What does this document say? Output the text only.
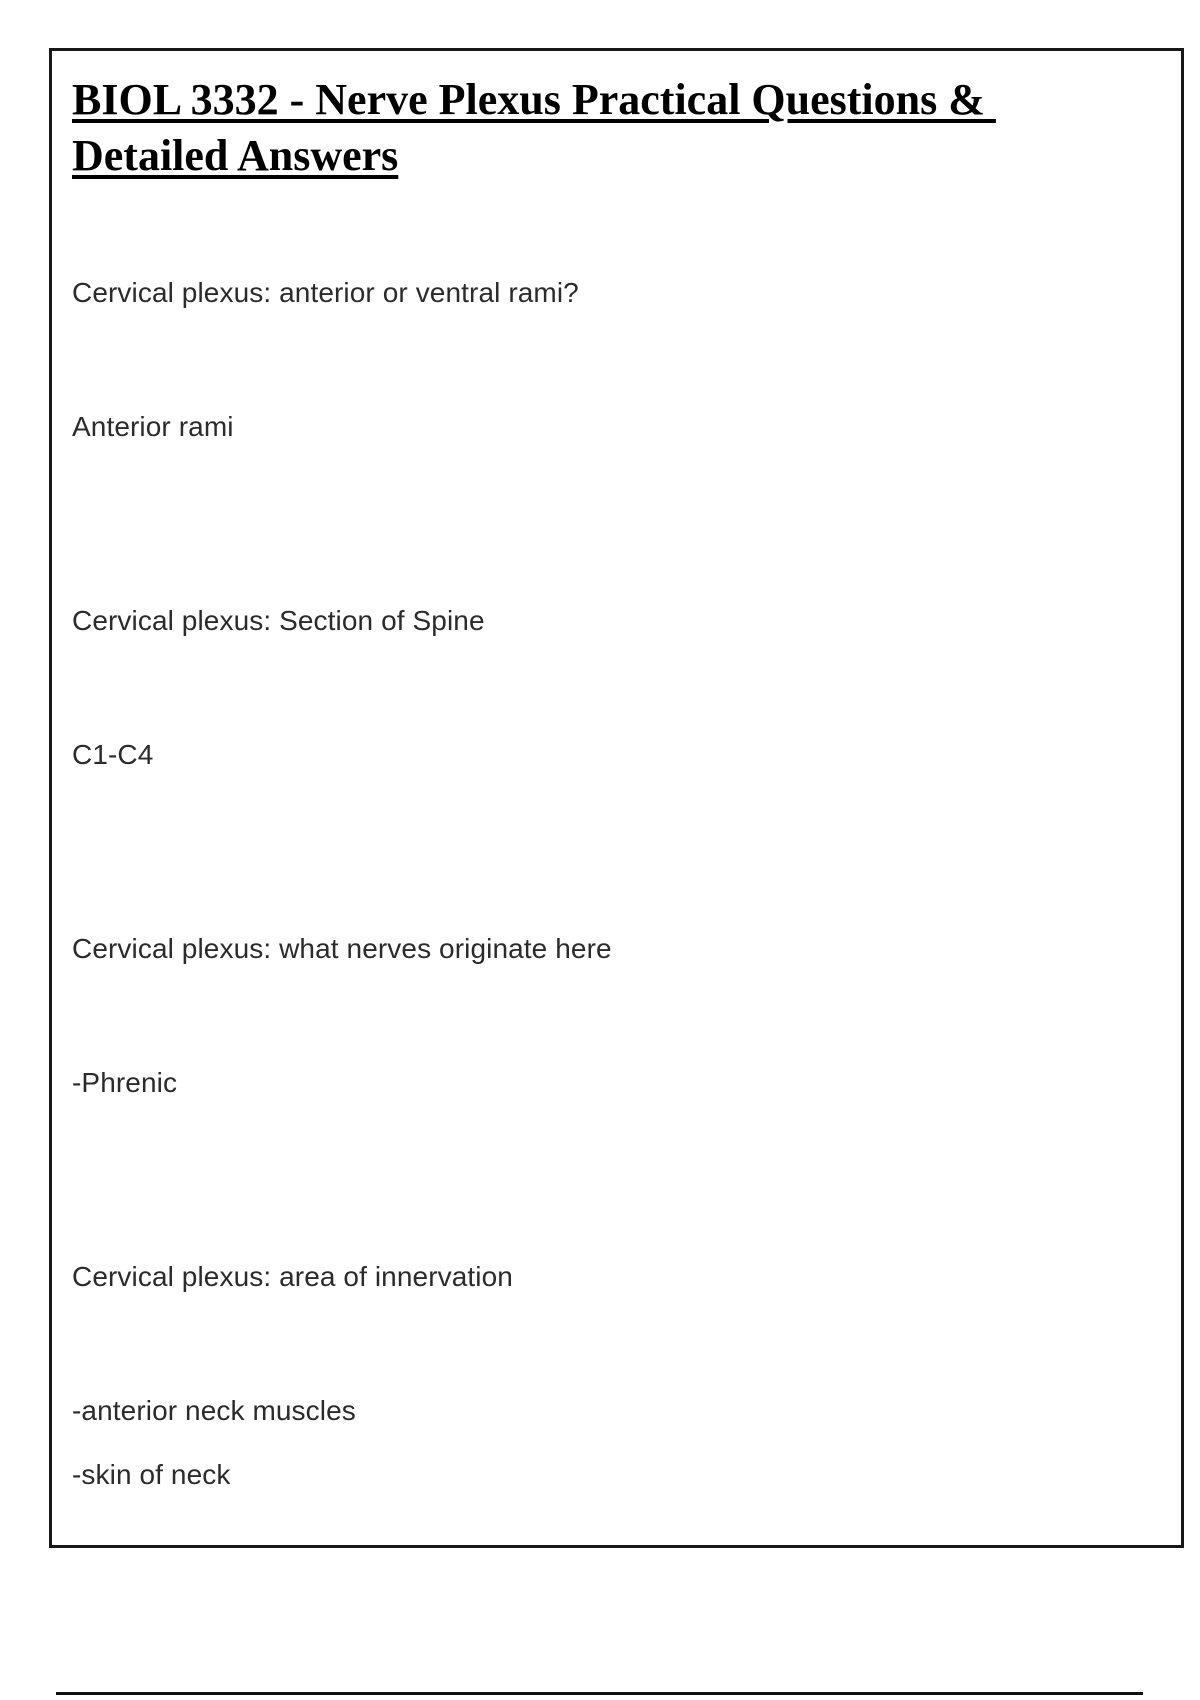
BIOL 3332 - Nerve Plexus Practical Questions &
Detailed Answers

Cervical plexus: anterior or ventral rami?

Anterior rami

Cervical plexus: Section of Spine

C1-C4

Cervical plexus: what nerves originate here

-Phrenic

Cervical plexus: area of innervation

-anterior neck muscles

-skin of neck
